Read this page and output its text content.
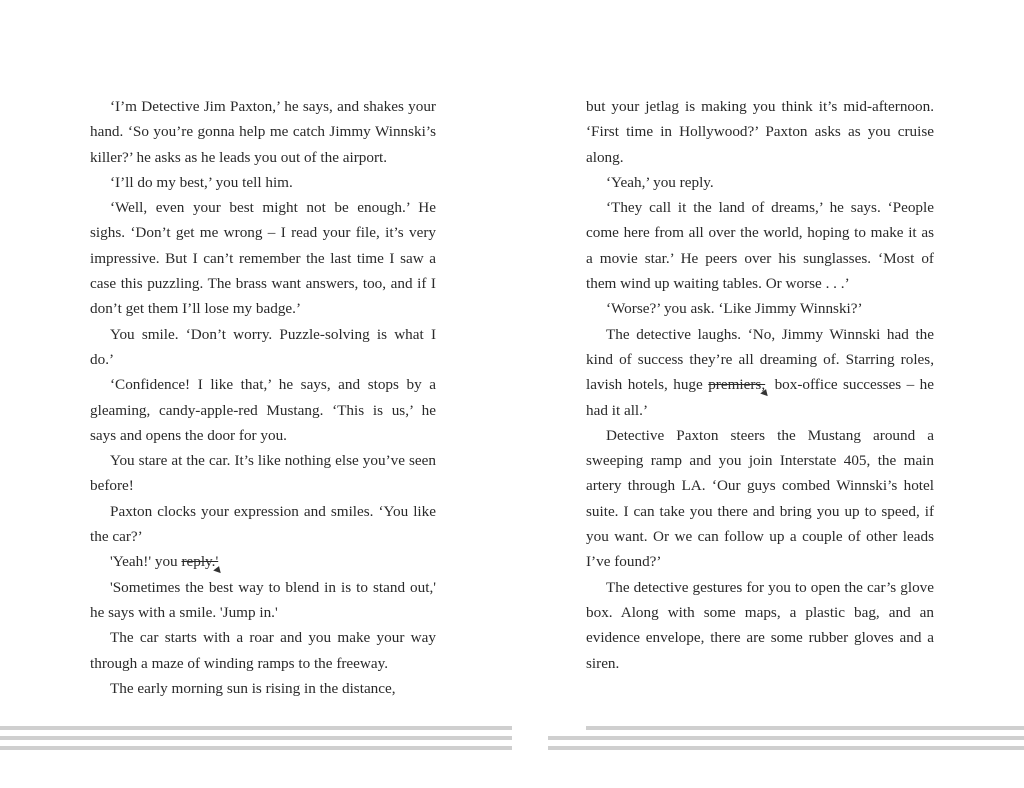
‘I’m Detective Jim Paxton,’ he says, and shakes your hand. ‘So you’re gonna help me catch Jimmy Winnski’s killer?’ he asks as he leads you out of the airport.

‘I’ll do my best,’ you tell him.

‘Well, even your best might not be enough.’ He sighs. ‘Don’t get me wrong – I read your file, it’s very impressive. But I can’t remember the last time I saw a case this puzzling. The brass want answers, too, and if I don’t get them I’ll lose my badge.’

You smile. ‘Don’t worry. Puzzle-solving is what I do.’

‘Confidence! I like that,’ he says, and stops by a gleaming, candy-apple-red Mustang. ‘This is us,’ he says and opens the door for you.

You stare at the car. It’s like nothing else you’ve seen before!

Paxton clocks your expression and smiles. ‘You like the car?’

'Yeah!' you reply.'

'Sometimes the best way to blend in is to stand out,' he says with a smile. 'Jump in.'

The car starts with a roar and you make your way through a maze of winding ramps to the freeway.

The early morning sun is rising in the distance,

but your jetlag is making you think it’s mid-afternoon. ‘First time in Hollywood?’ Paxton asks as you cruise along.

‘Yeah,’ you reply.

‘They call it the land of dreams,’ he says. ‘People come here from all over the world, hoping to make it as a movie star.’ He peers over his sunglasses. ‘Most of them wind up waiting tables. Or worse . . .’

‘Worse?’ you ask. ‘Like Jimmy Winnski?’

The detective laughs. ‘No, Jimmy Winnski had the kind of success they’re all dreaming of. Starring roles, lavish hotels, huge premiers, box-office successes – he had it all.’

Detective Paxton steers the Mustang around a sweeping ramp and you join Interstate 405, the main artery through LA. ‘Our guys combed Winnski’s hotel suite. I can take you there and bring you up to speed, if you want. Or we can follow up a couple of other leads I’ve found?’

The detective gestures for you to open the car’s glove box. Along with some maps, a plastic bag, and an evidence envelope, there are some rubber gloves and a siren.
